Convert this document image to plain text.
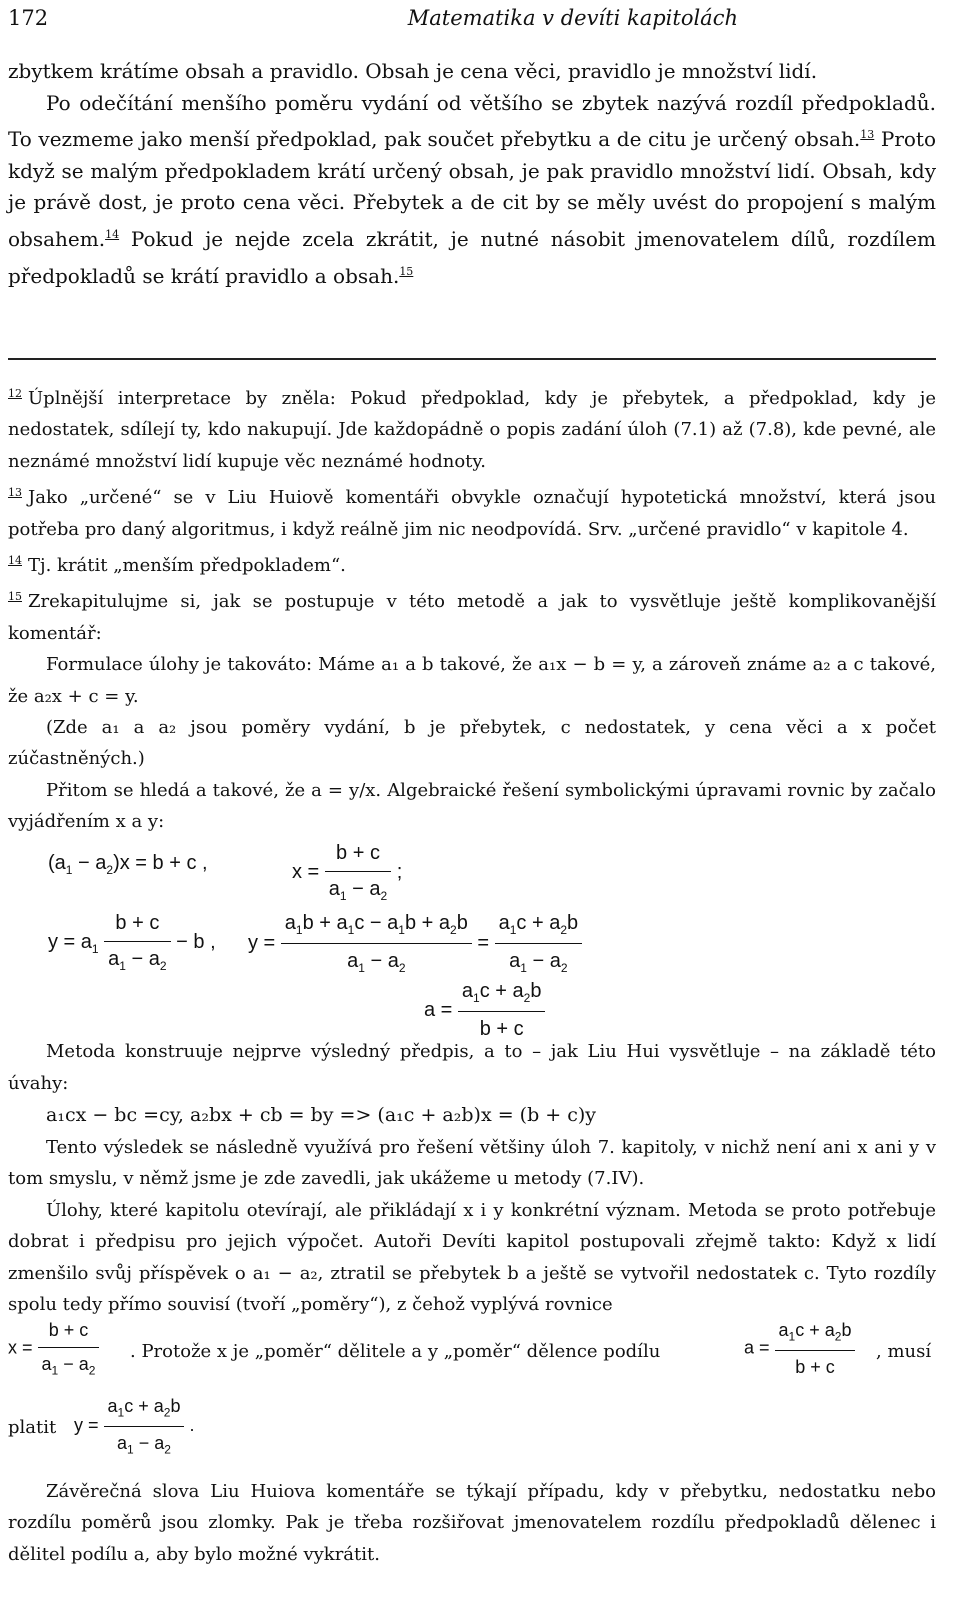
172	Matematika v devíti kapitolách

zbytkem krátíme obsah a pravidlo. Obsah je cena věci, pravidlo je množství lidí.

Po odečítání menšího poměru vydání od většího se zbytek nazývá rozdíl předpokladů. To vezmeme jako menší předpoklad, pak součet přebytku a de citu je určený obsah.$^{13}$ Proto když se malým předpokladem krátí určený obsah, je pak pravidlo množství lidí. Obsah, kdy je právě dost, je proto cena věci. Přebytek a de cit by se měly uvést do propojení s malým obsahem.$^{14}$ Pokud je nejde zcela zkrátit, je nutné násobit jmenovatelem dílů, rozdílem předpokladů se krátí pravidlo a obsah.$^{15}$

$^{12}$ Úplnější interpretace by zněla: Pokud předpoklad, kdy je přebytek, a předpoklad, kdy je nedostatek, sdílejí ty, kdo nakupují. Jde každopádně o popis zadání úloh (7.1) až (7.8), kde pevné, ale neznámé množství lidí kupuje věc neznámé hodnoty.

$^{13}$ Jako „určené“ se v Liu Huiově komentáři obvykle označují hypotetická množství, která jsou potřeba pro daný algoritmus, i když reálně jim nic neodpovídá. Srv. „určené pravidlo“ v kapitole 4.

$^{14}$ Tj. krátit „menším předpokladem“.

$^{15}$ Zrekapitulujme si, jak se postupuje v této metodě a jak to vysvětluje ještě komplikovanější komentář:

Formulace úlohy je takováto: Máme a₁ a b takové, že a₁x − b = y, a zároveň známe a₂ a c takové, že a₂x + c = y.

(Zde a₁ a a₂ jsou poměry vydání, b je přebytek, c nedostatek, y cena věci a x počet zúčastněných.)

Přitom se hledá a takové, že a = y/x. Algebraické řešení symbolickými úpravami rovnic by začalo vyjádřením x a y:

$(a_1 - a_2)x = b + c$ ,	$x = \frac{b + c}{a_1 - a_2}$ ;
$y = a_1 \frac{b + c}{a_1 - a_2} - b$ , $y = \frac{a_1b + a_1c - a_1b + a_2b}{a_1 - a_2} = \frac{a_1c + a_2b}{a_1 - a_2}$
$a = \frac{a_1c + a_2b}{b + c}$

Metoda konstruuje nejprve výsledný předpis, a to – jak Liu Hui vysvětluje – na základě této úvahy:

a₁cx − bc =cy, a₂bx + cb = by => (a₁c + a₂b)x = (b + c)y

Tento výsledek se následně využívá pro řešení většiny úloh 7. kapitoly, v nichž není ani x ani y v tom smyslu, v němž jsme je zde zavedli, jak ukážeme u metody (7.IV).

Úlohy, které kapitolu otevírají, ale přikládají x i y konkrétní význam. Metoda se proto potřebuje dobrat i předpisu pro jejich výpočet. Autoři Devíti kapitol postupovali zřejmě takto: Když x lidí zmenšilo svůj příspěvek o a₁ − a₂, ztratil se přebytek b a ještě se vytvořil nedostatek c. Tyto rozdíly spolu tedy přímo souvisí (tvoří „poměry“), z čehož vyplývá rovnice

$x = \frac{b + c}{a_1 - a_2}$ . Protože x je „poměr“ dělitele a y „poměr“ dělence podílu	$a = \frac{a_1c + a_2b}{b + c}$ , musí
platit $y = \frac{a_1c + a_2b}{a_1 - a_2}$ .

Závěrečná slova Liu Huiova komentáře se týkají případu, kdy v přebytku, nedostatku nebo rozdílu poměrů jsou zlomky. Pak je třeba rozšiřovat jmenovatelem rozdílu předpokladů dělenec i dělitel podílu a, aby bylo možné vykrátit.
